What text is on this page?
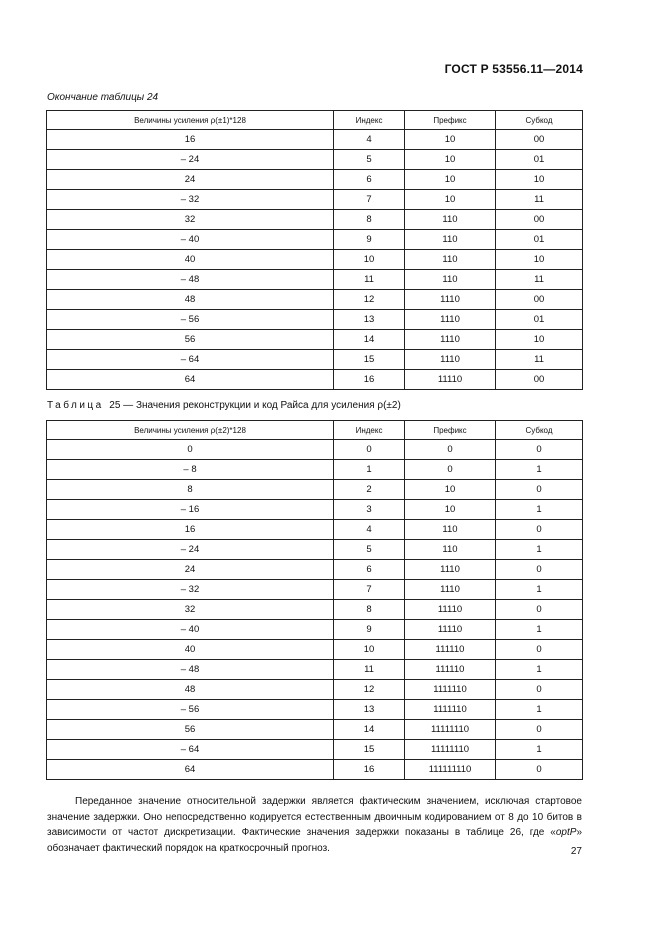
ГОСТ Р 53556.11—2014
Окончание таблицы 24
Величины усиления ρ(±1)*128	Индекс	Префикс	Субкод
16	4	10	00
– 24	5	10	01
24	6	10	10
– 32	7	10	11
32	8	110	00
– 40	9	110	01
40	10	110	10
– 48	11	110	11
48	12	1110	00
– 56	13	1110	01
56	14	1110	10
– 64	15	1110	11
64	16	11110	00
Таблица 25 — Значения реконструкции и код Райса для усиления ρ(±2)
Величины усиления ρ(±2)*128	Индекс	Префикс	Субкод
0	0	0	0
– 8	1	0	1
8	2	10	0
– 16	3	10	1
16	4	110	0
– 24	5	110	1
24	6	1110	0
– 32	7	1110	1
32	8	11110	0
– 40	9	11110	1
40	10	111110	0
– 48	11	111110	1
48	12	1111110	0
– 56	13	1111110	1
56	14	11111110	0
– 64	15	11111110	1
64	16	111111110	0

Переданное значение относительной задержки является фактическим значением, исключая стартовое значение задержки. Оно непосредственно кодируется естественным двоичным кодированием от 8 до 10 битов в зависимости от частот дискретизации. Фактические значения задержки показаны в таблице 26, где «optP» обозначает фактический порядок на краткосрочный прогноз.	27
